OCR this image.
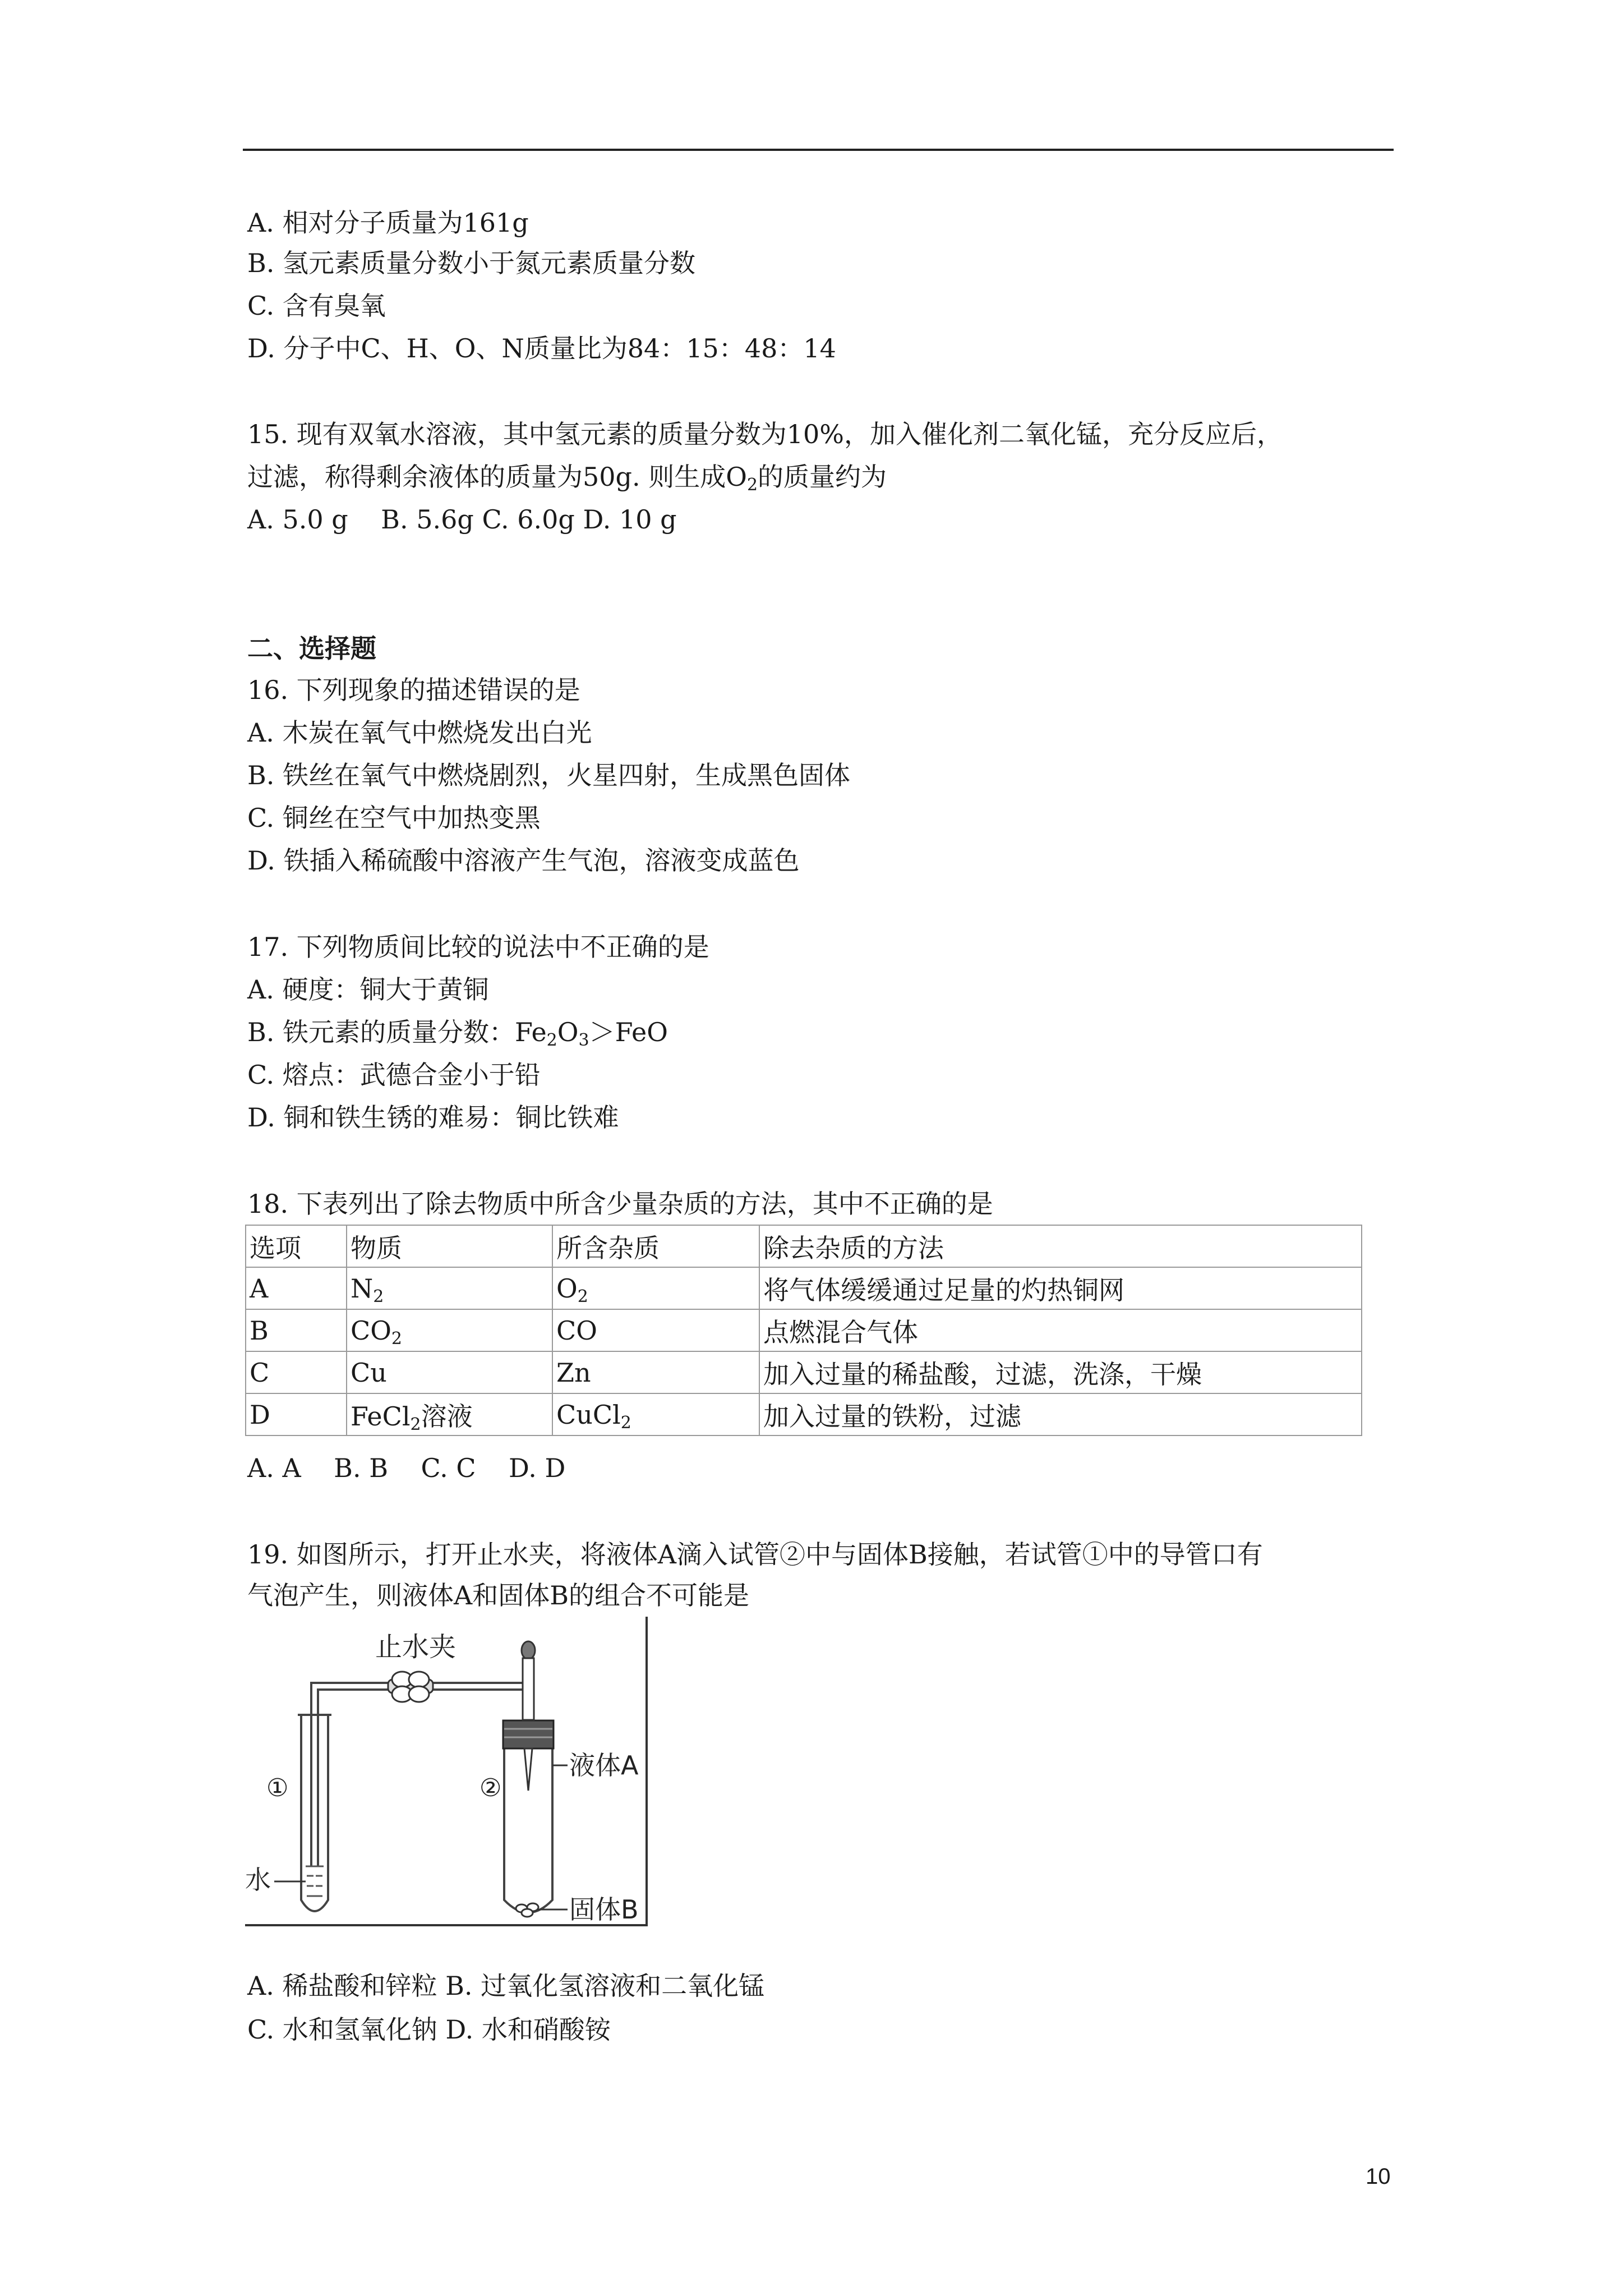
A. 相对分子质量为161g
B. 氢元素质量分数小于氮元素质量分数
C. 含有臭氧
D. 分子中C、H、O、N质量比为84：15：48：14
15. 现有双氧水溶液，其中氢元素的质量分数为10%，加入催化剂二氧化锰，充分反应后，
过滤，称得剩余液体的质量为50g. 则生成$O_2$的质量约为
A. 5.0 g    B. 5.6g C. 6.0g D. 10 g
二、选择题
16. 下列现象的描述错误的是
A. 木炭在氧气中燃烧发出白光
B. 铁丝在氧气中燃烧剧烈，火星四射，生成黑色固体
C. 铜丝在空气中加热变黑
D. 铁插入稀硫酸中溶液产生气泡，溶液变成蓝色
17. 下列物质间比较的说法中不正确的是
A. 硬度：铜大于黄铜
B. 铁元素的质量分数：$Fe_2O_3>FeO$
C. 熔点：武德合金小于铅
D. 铜和铁生锈的难易：铜比铁难
18. 下表列出了除去物质中所含少量杂质的方法，其中不正确的是
选项	物质	所含杂质	除去杂质的方法
A	$N_2$	$O_2$	将气体缓缓通过足量的灼热铜网
B	$CO_2$	CO	点燃混合气体
C	Cu	Zn	加入过量的稀盐酸，过滤，洗涤，干燥
D	FeCl$_2$溶液	CuCl$_2$	加入过量的铁粉，过滤
A. A    B. B    C. C    D. D
19. 如图所示，打开止水夹，将液体A滴入试管②中与固体B接触，若试管①中的导管口有
气泡产生，则液体A和固体B的组合不可能是
止水夹
①
水
②
液体A
固体B
A. 稀盐酸和锌粒 B. 过氧化氢溶液和二氧化锰
C. 水和氢氧化钠 D. 水和硝酸铵
10
